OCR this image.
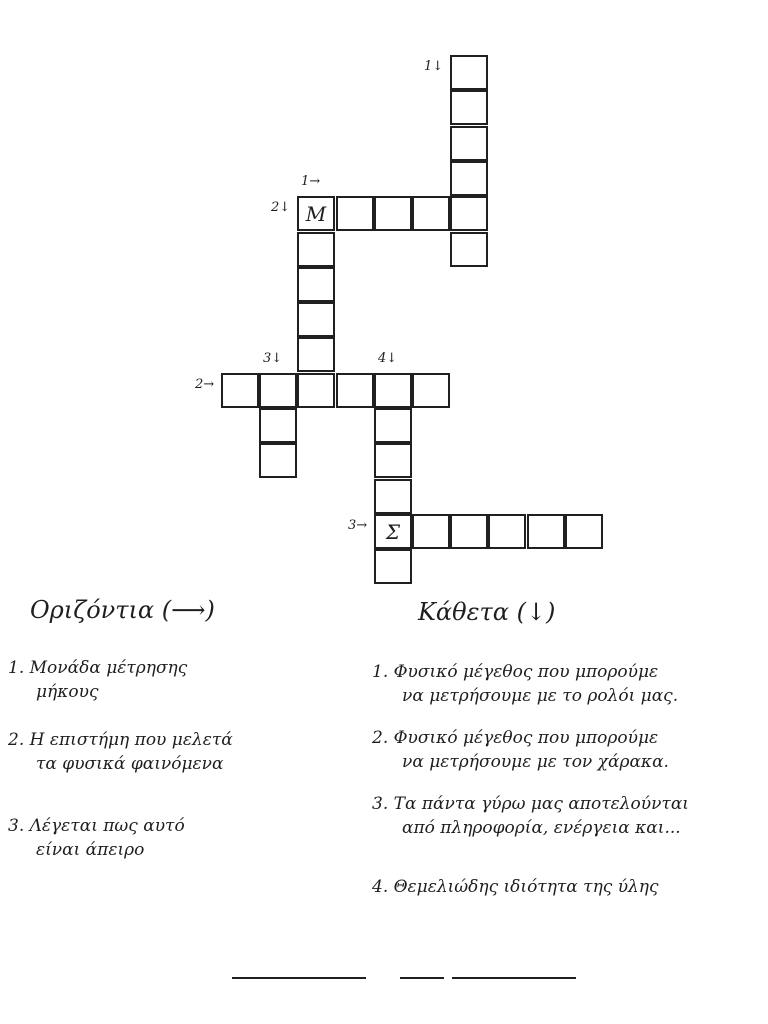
Μ
Σ
1↓
1→
2↓
2→
3↓	4↓
3→
Οριζόντια (⟶)	Κάθετα (↓)
1. Μονάδα μέτρησης
μήκους
2. Η επιστήμη που μελετά
τα φυσικά φαινόμενα
3. Λέγεται πως αυτό
είναι άπειρο
1. Φυσικό μέγεθος που μπορούμε
να μετρήσουμε με το ρολόι μας.
2. Φυσικό μέγεθος που μπορούμε
να μετρήσουμε με τον χάρακα.
3. Τα πάντα γύρω μας αποτελούνται
από πληροφορία, ενέργεια και...
4. Θεμελιώδης ιδιότητα της ύλης
